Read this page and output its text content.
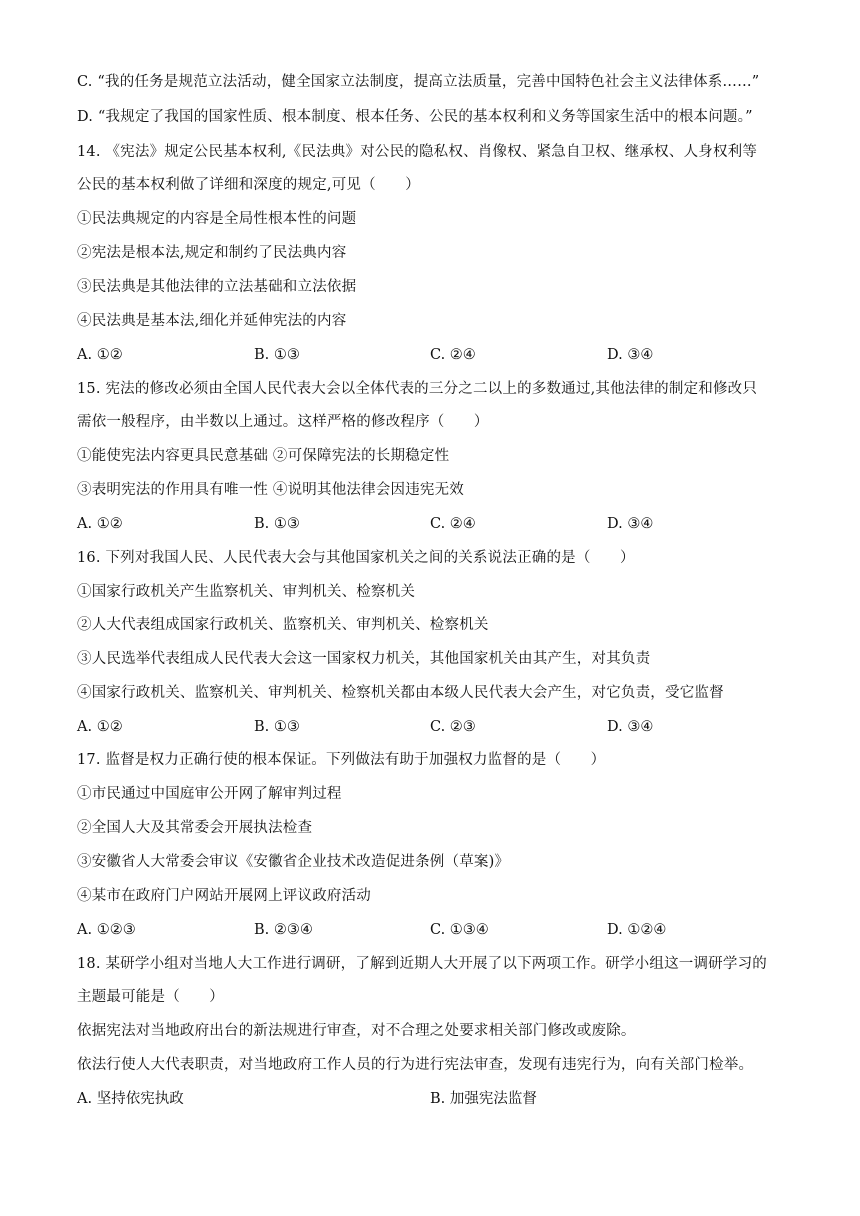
C. “我的任务是规范立法活动，健全国家立法制度，提高立法质量，完善中国特色社会主义法律体系……”
D. “我规定了我国的国家性质、根本制度、根本任务、公民的基本权利和义务等国家生活中的根本问题。”
14. 《宪法》规定公民基本权利,《民法典》对公民的隐私权、肖像权、紧急自卫权、继承权、人身权利等
公民的基本权利做了详细和深度的规定,可见（　　）
①民法典规定的内容是全局性根本性的问题
②宪法是根本法,规定和制约了民法典内容
③民法典是其他法律的立法基础和立法依据
④民法典是基本法,细化并延伸宪法的内容
A. ①②	B. ①③	C. ②④	D. ③④
15. 宪法的修改必须由全国人民代表大会以全体代表的三分之二以上的多数通过,其他法律的制定和修改只
需依一般程序，由半数以上通过。这样严格的修改程序（　　）
①能使宪法内容更具民意基础 ②可保障宪法的长期稳定性
③表明宪法的作用具有唯一性 ④说明其他法律会因违宪无效
A. ①②	B. ①③	C. ②④	D. ③④
16. 下列对我国人民、人民代表大会与其他国家机关之间的关系说法正确的是（　　）
①国家行政机关产生监察机关、审判机关、检察机关
②人大代表组成国家行政机关、监察机关、审判机关、检察机关
③人民选举代表组成人民代表大会这一国家权力机关，其他国家机关由其产生，对其负责
④国家行政机关、监察机关、审判机关、检察机关都由本级人民代表大会产生，对它负责，受它监督
A. ①②	B. ①③	C. ②③	D. ③④
17. 监督是权力正确行使的根本保证。下列做法有助于加强权力监督的是（　　）
①市民通过中国庭审公开网了解审判过程
②全国人大及其常委会开展执法检查
③安徽省人大常委会审议《安徽省企业技术改造促进条例（草案)》
④某市在政府门户网站开展网上评议政府活动
A. ①②③	B. ②③④	C. ①③④	D. ①②④
18. 某研学小组对当地人大工作进行调研，了解到近期人大开展了以下两项工作。研学小组这一调研学习的
主题最可能是（　　）
依据宪法对当地政府出台的新法规进行审查，对不合理之处要求相关部门修改或废除。
依法行使人大代表职责，对当地政府工作人员的行为进行宪法审查，发现有违宪行为，向有关部门检举。
A. 坚持依宪执政	B. 加强宪法监督
